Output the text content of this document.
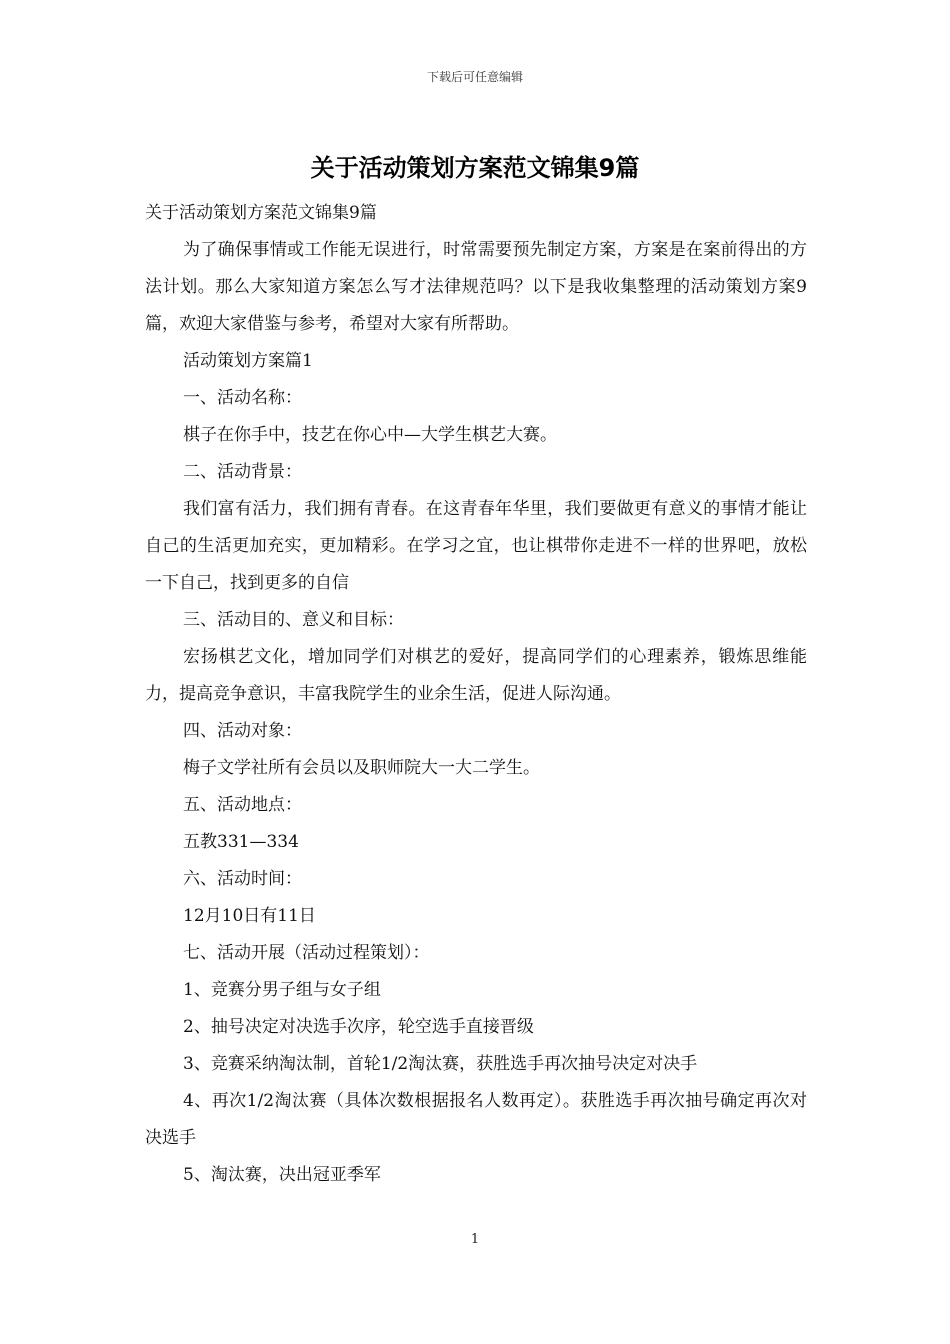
下载后可任意编辑
关于活动策划方案范文锦集9篇

关于活动策划方案范文锦集9篇

为了确保事情或工作能无误进行，时常需要预先制定方案，方案是在案前得出的方法计划。那么大家知道方案怎么写才法律规范吗？以下是我收集整理的活动策划方案9篇，欢迎大家借鉴与参考，希望对大家有所帮助。

活动策划方案篇1

一、活动名称：

棋子在你手中，技艺在你心中—大学生棋艺大赛。

二、活动背景：

我们富有活力，我们拥有青春。在这青春年华里，我们要做更有意义的事情才能让自己的生活更加充实，更加精彩。在学习之宜，也让棋带你走进不一样的世界吧，放松一下自己，找到更多的自信

三、活动目的、意义和目标：

宏扬棋艺文化，增加同学们对棋艺的爱好，提高同学们的心理素养，锻炼思维能力，提高竞争意识，丰富我院学生的业余生活，促进人际沟通。

四、活动对象：

梅子文学社所有会员以及职师院大一大二学生。

五、活动地点：

五教331—334

六、活动时间：

12月10日有11日

七、活动开展（活动过程策划）：

1、竞赛分男子组与女子组

2、抽号决定对决选手次序，轮空选手直接晋级

3、竞赛采纳淘汰制，首轮1/2淘汰赛，获胜选手再次抽号决定对决手

4、再次1/2淘汰赛（具体次数根据报名人数再定）。获胜选手再次抽号确定再次对决选手

5、淘汰赛，决出冠亚季军

1
